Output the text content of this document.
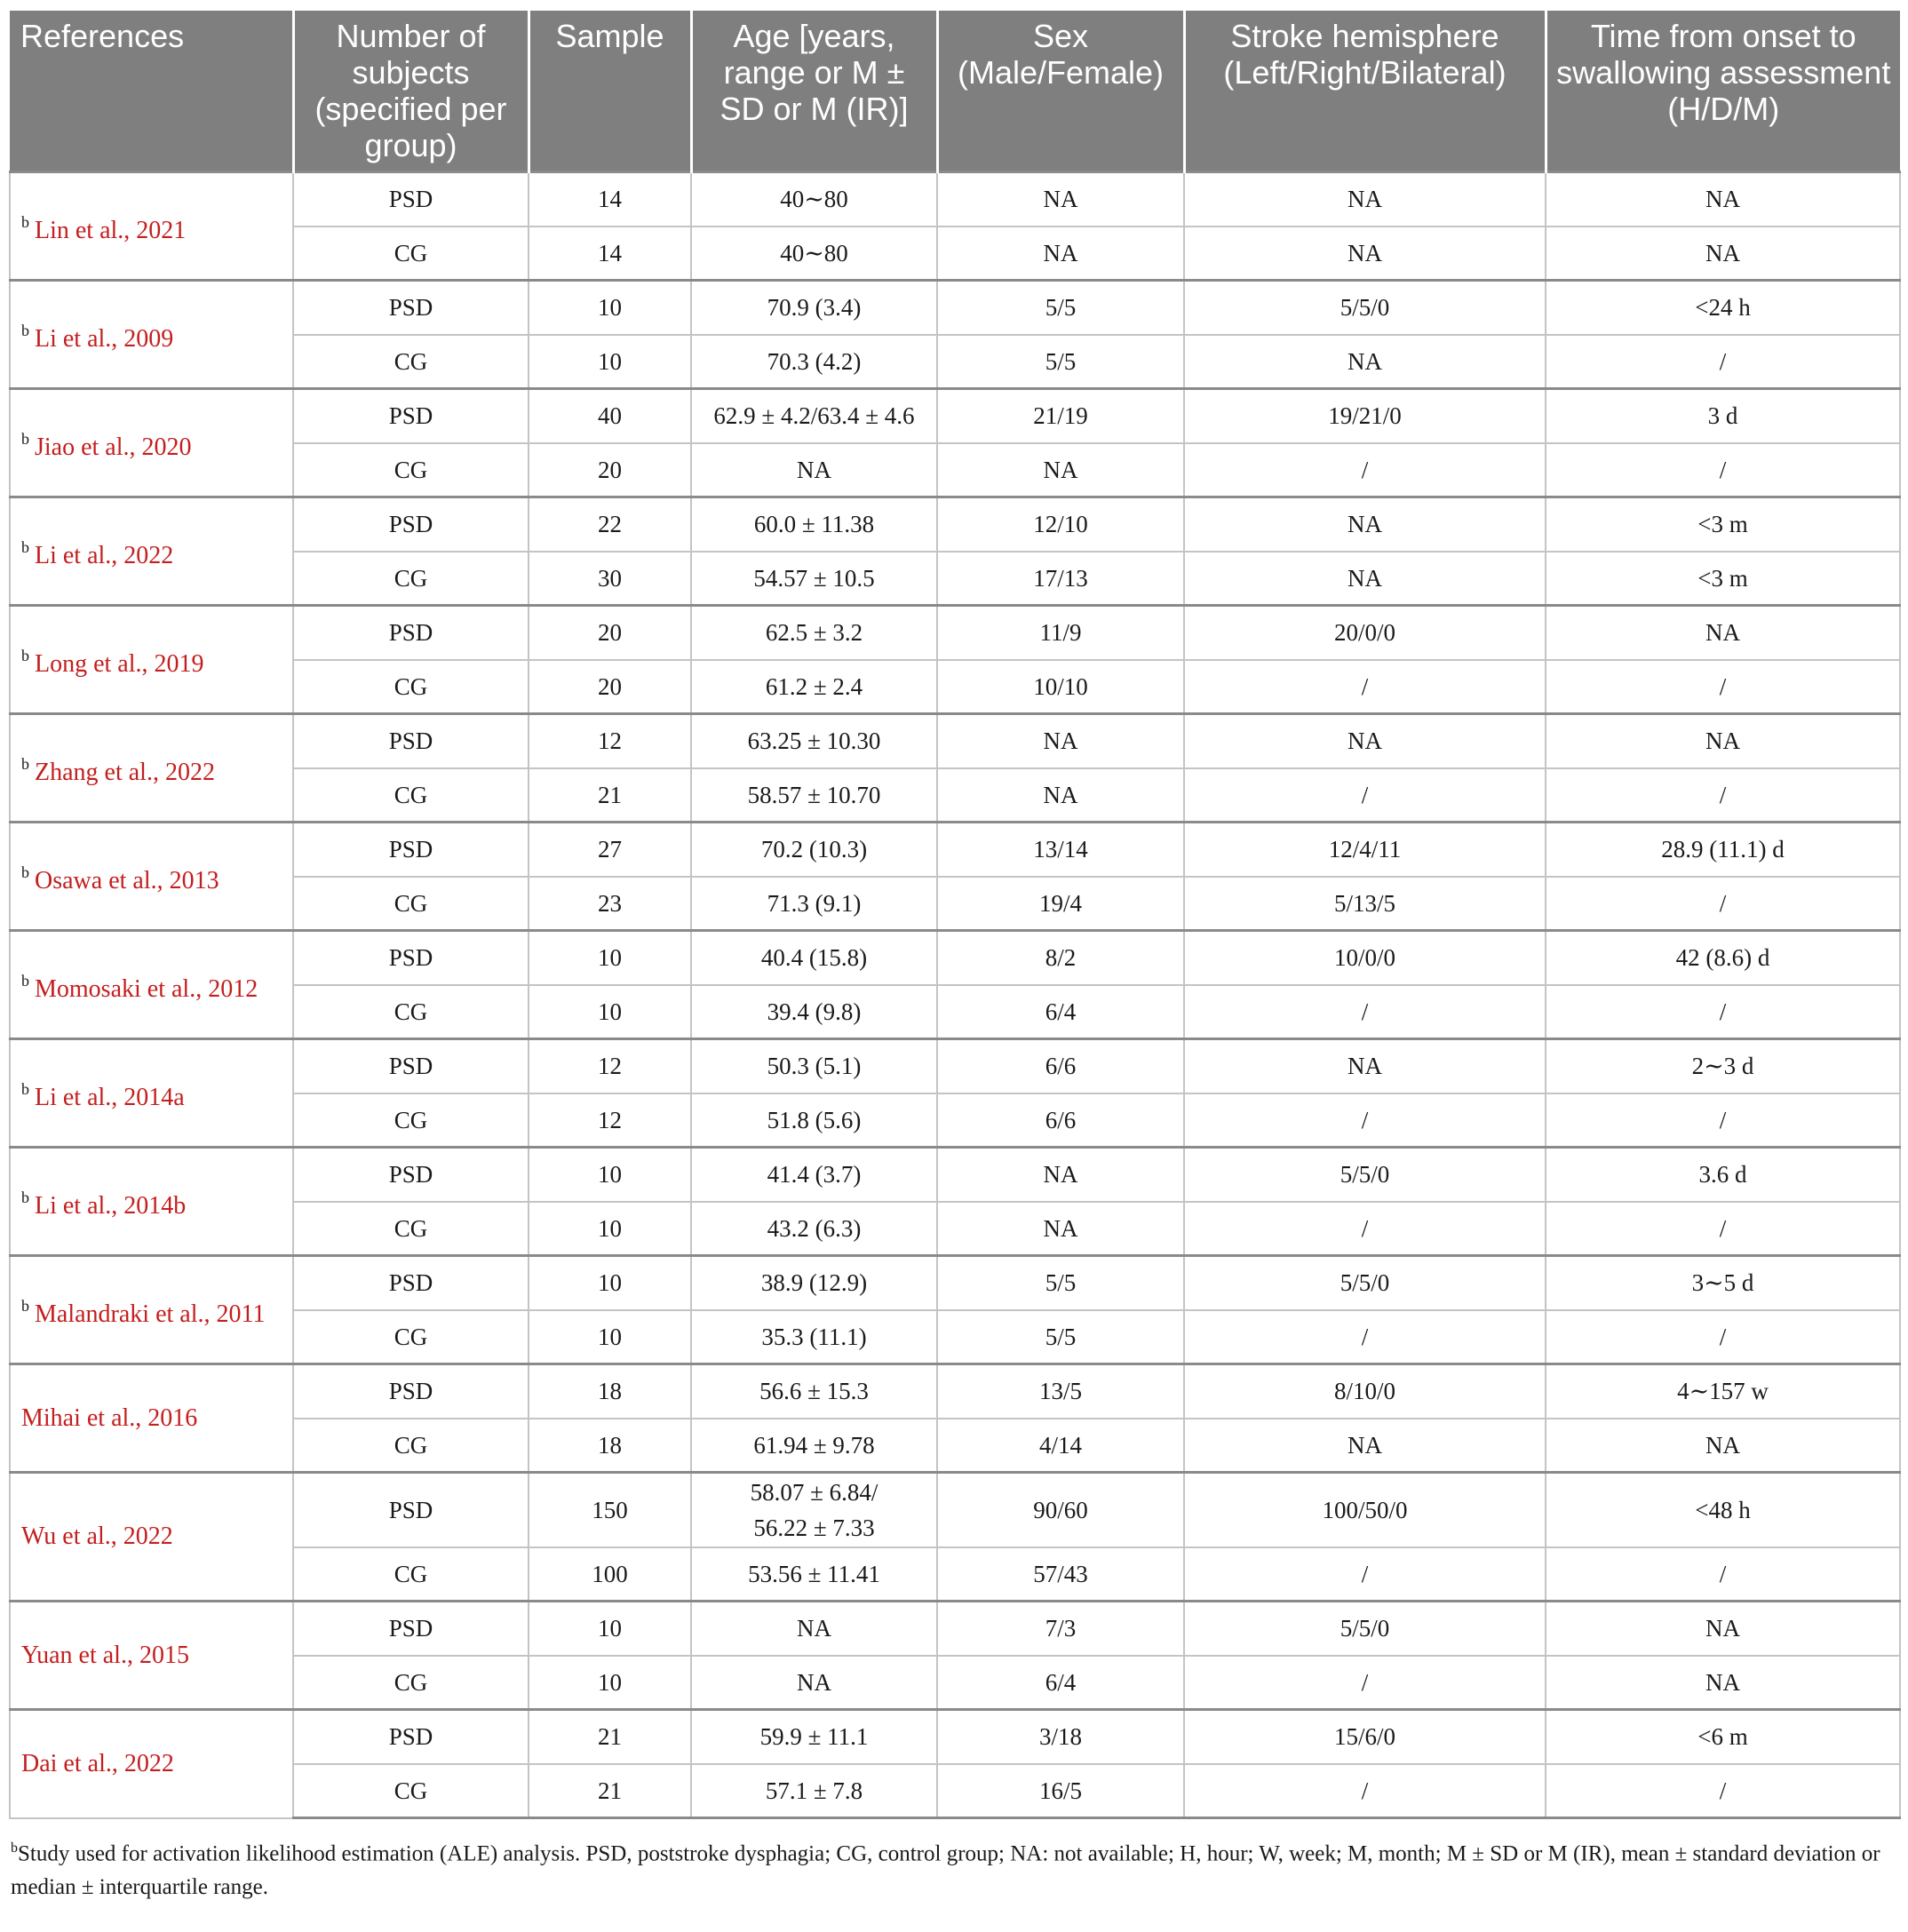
References	Number of subjects (specified per group)	Sample	Age [years, range or M ± SD or M (IR)]	Sex (Male/Female)	Stroke hemisphere (Left/Right/Bilateral)	Time from onset to swallowing assessment (H/D/M)
$^b$ Lin et al., 2021	PSD	14	40∼80	NA	NA	NA
	CG	14	40∼80	NA	NA	NA
$^b$ Li et al., 2009	PSD	10	70.9 (3.4)	5/5	5/5/0	<24 h
	CG	10	70.3 (4.2)	5/5	NA	/
$^b$ Jiao et al., 2020	PSD	40	62.9 ± 4.2/63.4 ± 4.6	21/19	19/21/0	3 d
	CG	20	NA	NA	/	/
$^b$ Li et al., 2022	PSD	22	60.0 ± 11.38	12/10	NA	<3 m
	CG	30	54.57 ± 10.5	17/13	NA	<3 m
$^b$ Long et al., 2019	PSD	20	62.5 ± 3.2	11/9	20/0/0	NA
	CG	20	61.2 ± 2.4	10/10	/	/
$^b$ Zhang et al., 2022	PSD	12	63.25 ± 10.30	NA	NA	NA
	CG	21	58.57 ± 10.70	NA	/	/
$^b$ Osawa et al., 2013	PSD	27	70.2 (10.3)	13/14	12/4/11	28.9 (11.1) d
	CG	23	71.3 (9.1)	19/4	5/13/5	/
$^b$ Momosaki et al., 2012	PSD	10	40.4 (15.8)	8/2	10/0/0	42 (8.6) d
	CG	10	39.4 (9.8)	6/4	/	/
$^b$ Li et al., 2014a	PSD	12	50.3 (5.1)	6/6	NA	2∼3 d
	CG	12	51.8 (5.6)	6/6	/	/
$^b$ Li et al., 2014b	PSD	10	41.4 (3.7)	NA	5/5/0	3.6 d
	CG	10	43.2 (6.3)	NA	/	/
$^b$ Malandraki et al., 2011	PSD	10	38.9 (12.9)	5/5	5/5/0	3∼5 d
	CG	10	35.3 (11.1)	5/5	/	/
Mihai et al., 2016	PSD	18	56.6 ± 15.3	13/5	8/10/0	4∼157 w
	CG	18	61.94 ± 9.78	4/14	NA	NA
Wu et al., 2022	PSD	150	58.07 ± 6.84/
56.22 ± 7.33	90/60	100/50/0	<48 h
	CG	100	53.56 ± 11.41	57/43	/	/
Yuan et al., 2015	PSD	10	NA	7/3	5/5/0	NA
	CG	10	NA	6/4	/	NA
Dai et al., 2022	PSD	21	59.9 ± 11.1	3/18	15/6/0	<6 m
	CG	21	57.1 ± 7.8	16/5	/	/
$^b$Study used for activation likelihood estimation (ALE) analysis. PSD, poststroke dysphagia; CG, control group; NA: not available; H, hour; W, week; M, month; M ± SD or M (IR), mean ± standard deviation or median ± interquartile range.
